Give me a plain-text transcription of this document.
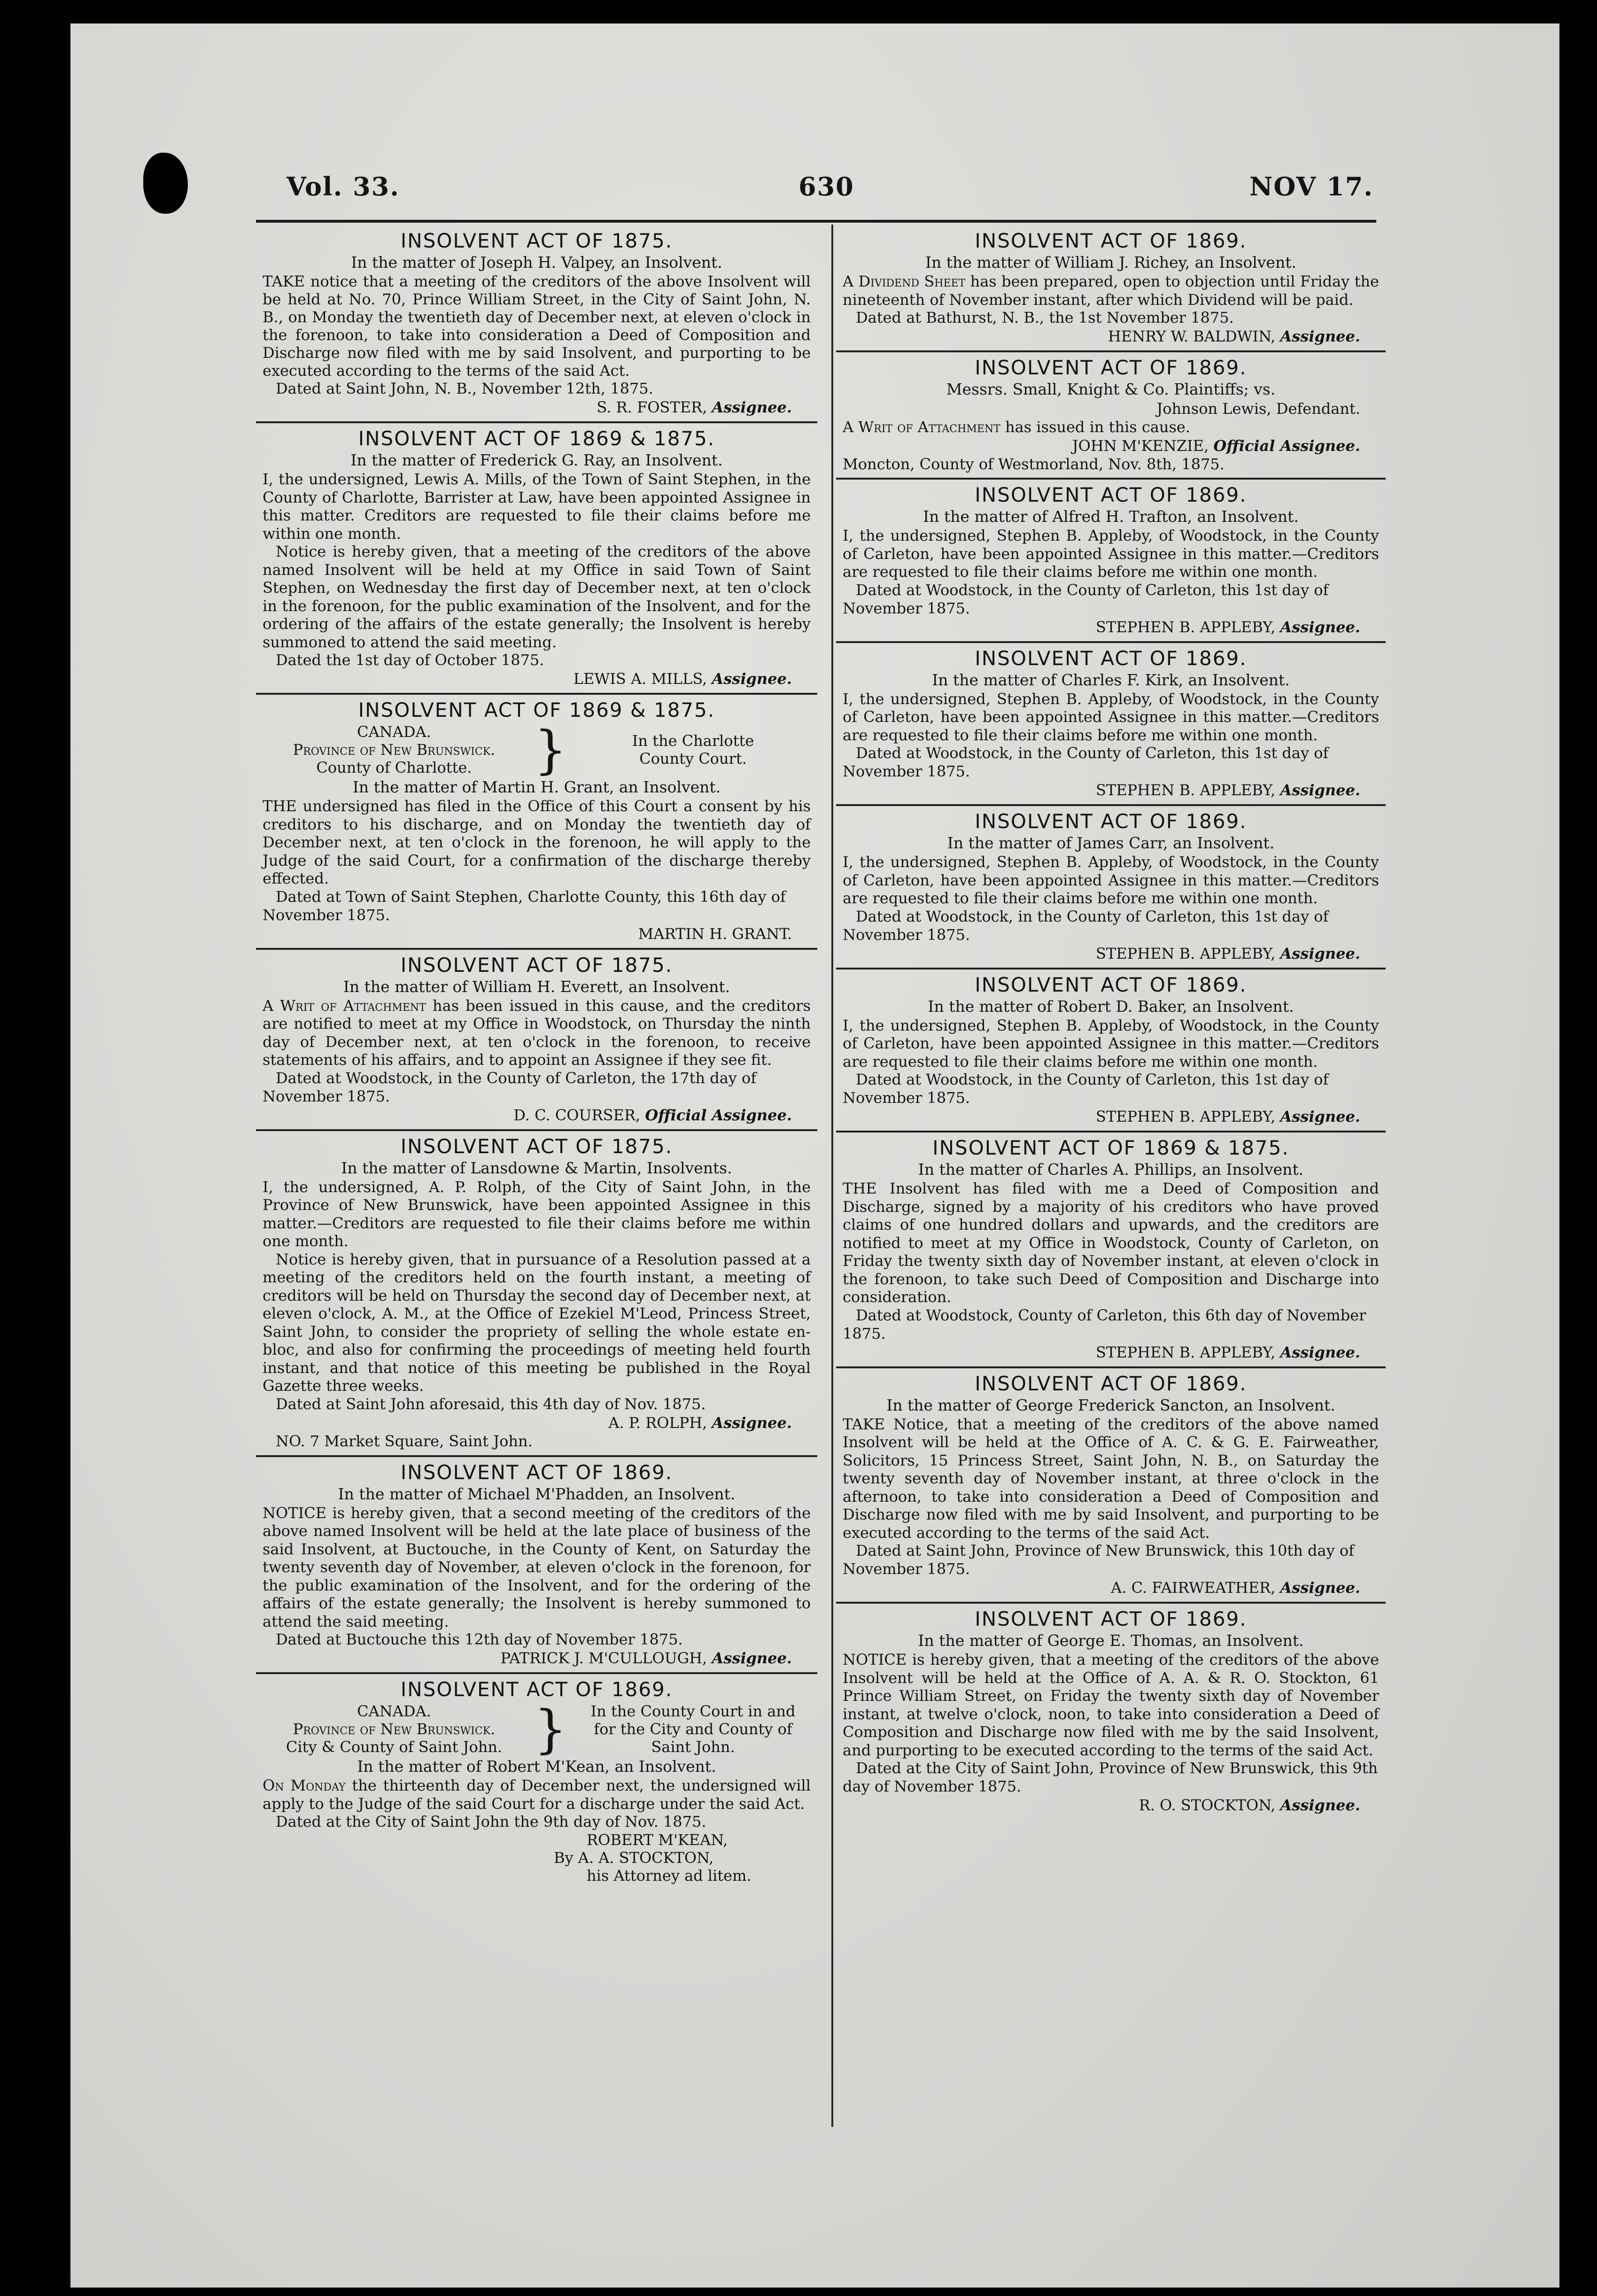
Vol. 33.	630	NOV 17.

INSOLVENT ACT OF 1875.

In the matter of Joseph H. Valpey, an Insolvent.

TAKE notice that a meeting of the creditors of the above Insolvent will be held at No. 70, Prince William Street, in the City of Saint John, N. B., on Monday the twentieth day of December next, at eleven o'clock in the forenoon, to take into consideration a Deed of Composition and Discharge now filed with me by said Insolvent, and purporting to be executed according to the terms of the said Act.

Dated at Saint John, N. B., November 12th, 1875.

S. R. FOSTER, Assignee.

INSOLVENT ACT OF 1869 & 1875.

In the matter of Frederick G. Ray, an Insolvent.

I, the undersigned, Lewis A. Mills, of the Town of Saint Stephen, in the County of Charlotte, Barrister at Law, have been appointed Assignee in this matter. Creditors are requested to file their claims before me within one month.

Notice is hereby given, that a meeting of the creditors of the above named Insolvent will be held at my Office in said Town of Saint Stephen, on Wednesday the first day of December next, at ten o'clock in the forenoon, for the public examination of the Insolvent, and for the ordering of the affairs of the estate generally; the Insolvent is hereby summoned to attend the said meeting.

Dated the 1st day of October 1875.

LEWIS A. MILLS, Assignee.

INSOLVENT ACT OF 1869 & 1875.

CANADA.
Province of New Brunswick.
County of Charlotte.	}	In the Charlotte
County Court.

In the matter of Martin H. Grant, an Insolvent.

THE undersigned has filed in the Office of this Court a consent by his creditors to his discharge, and on Monday the twentieth day of December next, at ten o'clock in the forenoon, he will apply to the Judge of the said Court, for a confirmation of the discharge thereby effected.

Dated at Town of Saint Stephen, Charlotte County, this 16th day of November 1875.

MARTIN H. GRANT.

INSOLVENT ACT OF 1875.

In the matter of William H. Everett, an Insolvent.

A Writ of Attachment has been issued in this cause, and the creditors are notified to meet at my Office in Woodstock, on Thursday the ninth day of December next, at ten o'clock in the forenoon, to receive statements of his affairs, and to appoint an Assignee if they see fit.

Dated at Woodstock, in the County of Carleton, the 17th day of November 1875.

D. C. COURSER, Official Assignee.

INSOLVENT ACT OF 1875.

In the matter of Lansdowne & Martin, Insolvents.

I, the undersigned, A. P. Rolph, of the City of Saint John, in the Province of New Brunswick, have been appointed Assignee in this matter.—Creditors are requested to file their claims before me within one month.

Notice is hereby given, that in pursuance of a Resolution passed at a meeting of the creditors held on the fourth instant, a meeting of creditors will be held on Thursday the second day of December next, at eleven o'clock, A. M., at the Office of Ezekiel M'Leod, Princess Street, Saint John, to consider the propriety of selling the whole estate en-bloc, and also for confirming the proceedings of meeting held fourth instant, and that notice of this meeting be published in the Royal Gazette three weeks.

Dated at Saint John aforesaid, this 4th day of Nov. 1875.

A. P. ROLPH, Assignee.

NO. 7 Market Square, Saint John.

INSOLVENT ACT OF 1869.

In the matter of Michael M'Phadden, an Insolvent.

NOTICE is hereby given, that a second meeting of the creditors of the above named Insolvent will be held at the late place of business of the said Insolvent, at Buctouche, in the County of Kent, on Saturday the twenty seventh day of November, at eleven o'clock in the forenoon, for the public examination of the Insolvent, and for the ordering of the affairs of the estate generally; the Insolvent is hereby summoned to attend the said meeting.

Dated at Buctouche this 12th day of November 1875.

PATRICK J. M'CULLOUGH, Assignee.

INSOLVENT ACT OF 1869.

CANADA.
Province of New Brunswick.
City & County of Saint John. }	In the County Court in and
for the City and County of
Saint John.

In the matter of Robert M'Kean, an Insolvent.

On Monday the thirteenth day of December next, the undersigned will apply to the Judge of the said Court for a discharge under the said Act.

Dated at the City of Saint John the 9th day of Nov. 1875.

ROBERT M'KEAN,
By A. A. STOCKTON,
his Attorney ad litem.

INSOLVENT ACT OF 1869.

In the matter of William J. Richey, an Insolvent.

A Dividend Sheet has been prepared, open to objection until Friday the nineteenth of November instant, after which Dividend will be paid.

Dated at Bathurst, N. B., the 1st November 1875.

HENRY W. BALDWIN, Assignee.

INSOLVENT ACT OF 1869.

Messrs. Small, Knight & Co. Plaintiffs; vs.

Johnson Lewis, Defendant.

A Writ of Attachment has issued in this cause.

JOHN M'KENZIE, Official Assignee.

Moncton, County of Westmorland, Nov. 8th, 1875.

INSOLVENT ACT OF 1869.

In the matter of Alfred H. Trafton, an Insolvent.

I, the undersigned, Stephen B. Appleby, of Woodstock, in the County of Carleton, have been appointed Assignee in this matter.—Creditors are requested to file their claims before me within one month.

Dated at Woodstock, in the County of Carleton, this 1st day of November 1875.

STEPHEN B. APPLEBY, Assignee.

INSOLVENT ACT OF 1869.

In the matter of Charles F. Kirk, an Insolvent.

I, the undersigned, Stephen B. Appleby, of Woodstock, in the County of Carleton, have been appointed Assignee in this matter.—Creditors are requested to file their claims before me within one month.

Dated at Woodstock, in the County of Carleton, this 1st day of November 1875.

STEPHEN B. APPLEBY, Assignee.

INSOLVENT ACT OF 1869.

In the matter of James Carr, an Insolvent.

I, the undersigned, Stephen B. Appleby, of Woodstock, in the County of Carleton, have been appointed Assignee in this matter.—Creditors are requested to file their claims before me within one month.

Dated at Woodstock, in the County of Carleton, this 1st day of November 1875.

STEPHEN B. APPLEBY, Assignee.

INSOLVENT ACT OF 1869.

In the matter of Robert D. Baker, an Insolvent.

I, the undersigned, Stephen B. Appleby, of Woodstock, in the County of Carleton, have been appointed Assignee in this matter.—Creditors are requested to file their claims before me within one month.

Dated at Woodstock, in the County of Carleton, this 1st day of November 1875.

STEPHEN B. APPLEBY, Assignee.

INSOLVENT ACT OF 1869 & 1875.

In the matter of Charles A. Phillips, an Insolvent.

THE Insolvent has filed with me a Deed of Composition and Discharge, signed by a majority of his creditors who have proved claims of one hundred dollars and upwards, and the creditors are notified to meet at my Office in Woodstock, County of Carleton, on Friday the twenty sixth day of November instant, at eleven o'clock in the forenoon, to take such Deed of Composition and Discharge into consideration.

Dated at Woodstock, County of Carleton, this 6th day of November 1875.

STEPHEN B. APPLEBY, Assignee.

INSOLVENT ACT OF 1869.

In the matter of George Frederick Sancton, an Insolvent.

TAKE Notice, that a meeting of the creditors of the above named Insolvent will be held at the Office of A. C. & G. E. Fairweather, Solicitors, 15 Princess Street, Saint John, N. B., on Saturday the twenty seventh day of November instant, at three o'clock in the afternoon, to take into consideration a Deed of Composition and Discharge now filed with me by said Insolvent, and purporting to be executed according to the terms of the said Act.

Dated at Saint John, Province of New Brunswick, this 10th day of November 1875.

A. C. FAIRWEATHER, Assignee.

INSOLVENT ACT OF 1869.

In the matter of George E. Thomas, an Insolvent.

NOTICE is hereby given, that a meeting of the creditors of the above Insolvent will be held at the Office of A. A. & R. O. Stockton, 61 Prince William Street, on Friday the twenty sixth day of November instant, at twelve o'clock, noon, to take into consideration a Deed of Composition and Discharge now filed with me by the said Insolvent, and purporting to be executed according to the terms of the said Act.

Dated at the City of Saint John, Province of New Brunswick, this 9th day of November 1875.

R. O. STOCKTON, Assignee.
